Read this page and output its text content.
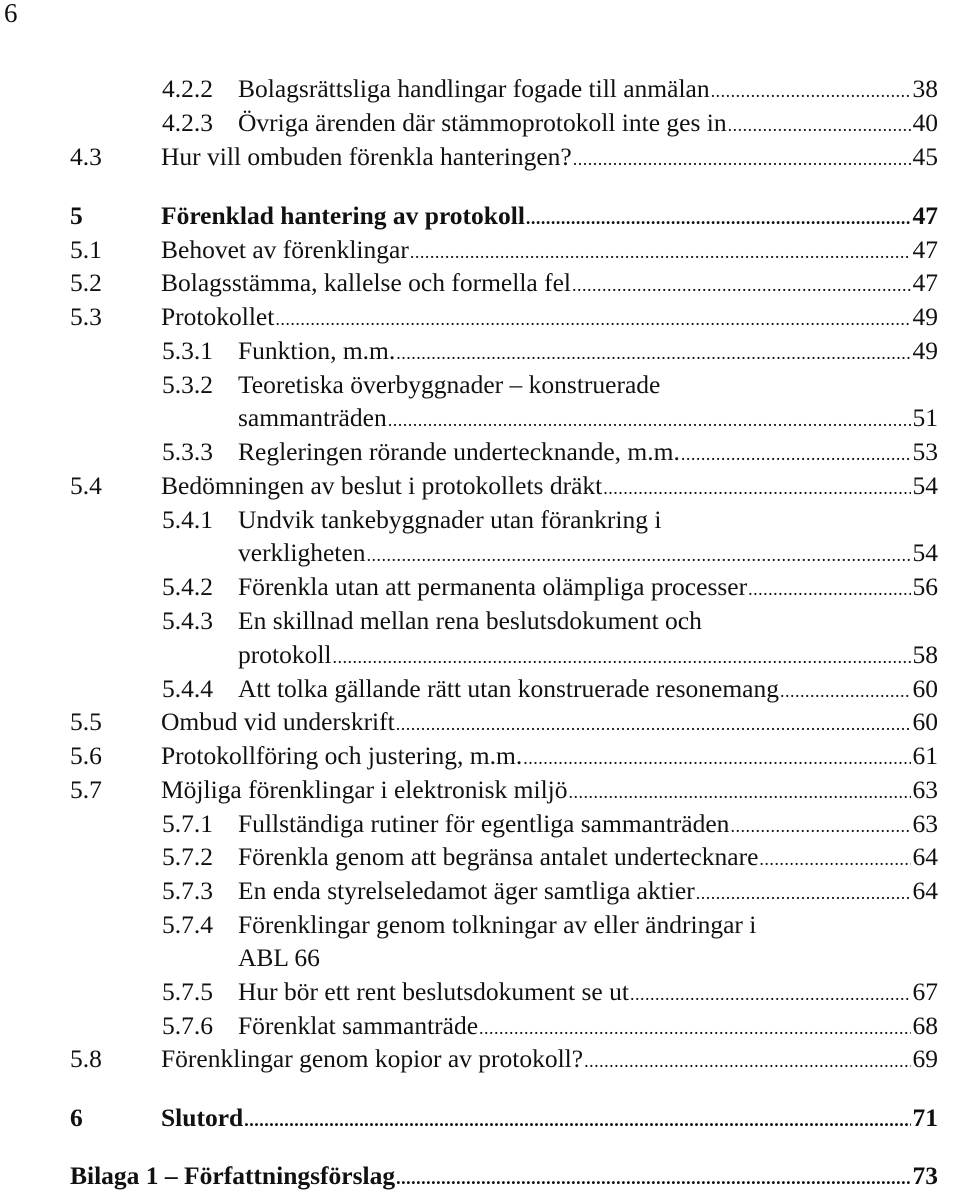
6
4.2.2 Bolagsrättsliga handlingar fogade till anmälan .....	38
4.2.3 Övriga ärenden där stämmoprotokoll inte ges in .....	40
4.3	Hur vill ombuden förenkla hanteringen? .....	45
5	Förenklad hantering av protokoll .....	47
5.1	Behovet av förenklingar .....	47
5.2	Bolagsstämma, kallelse och formella fel .....	47
5.3	Protokollet .....	49
5.3.1 Funktion, m.m. .....	49
5.3.2 Teoretiska överbyggnader – konstruerade
sammanträden .....	51
5.3.3 Regleringen rörande undertecknande, m.m. .....	53
5.4	Bedömningen av beslut i protokollets dräkt .....	54
5.4.1 Undvik tankebyggnader utan förankring i
verkligheten .....	54
5.4.2 Förenkla utan att permanenta olämpliga processer .....	56
5.4.3 En skillnad mellan rena beslutsdokument och
protokoll .....	58
5.4.4 Att tolka gällande rätt utan konstruerade resonemang .....	60
5.5	Ombud vid underskrift .....	60
5.6	Protokollföring och justering, m.m. .....	61
5.7	Möjliga förenklingar i elektronisk miljö .....	63
5.7.1 Fullständiga rutiner för egentliga sammanträden .....	63
5.7.2 Förenkla genom att begränsa antalet undertecknare .....	64
5.7.3 En enda styrelseledamot äger samtliga aktier .....	64
5.7.4 Förenklingar genom tolkningar av eller ändringar i
ABL 66
5.7.5 Hur bör ett rent beslutsdokument se ut .....	67
5.7.6 Förenklat sammanträde .....	68
5.8	Förenklingar genom kopior av protokoll? .....	69
6	Slutord .....	71
Bilaga 1 – Författningsförslag .....	73
